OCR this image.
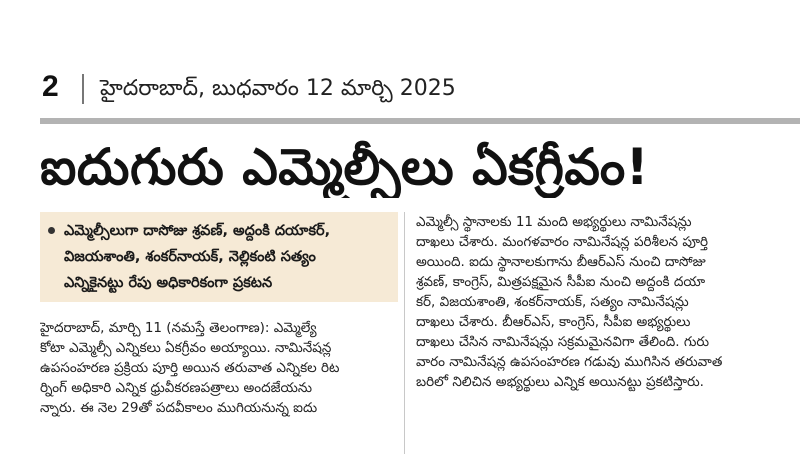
2 హైదరాబాద్‌, బుధవారం 12 మార్చి 2025
ఐదుగురు ఎమ్మెల్సీలు ఏకగ్రీవం!
ఎమ్మెల్సీలుగా దాసోజు శ్రవణ్‌, అద్దంకి దయాకర్‌,
విజయశాంతి, శంకర్‌నాయక్‌, నెల్లికంటి సత్యం
ఎన్నికైనట్టు రేపు అధికారికంగా ప్రకటన
హైదరాబాద్‌, మార్చి 11 (నమస్తే తెలంగాణ): ఎమ్మెల్యే
కోటా ఎమ్మెల్సీ ఎన్నికలు ఏకగ్రీవం అయ్యాయి. నామినేషన్ల
ఉపసంహరణ ప్రక్రియ పూర్తి అయిన తరువాత ఎన్నికల రిట
ర్నింగ్‌ అధికారి ఎన్నిక ధ్రువీకరణపత్రాలు అందజేయను
న్నారు. ఈ నెల 29తో పదవీకాలం ముగియనున్న ఐదు
ఎమ్మెల్సీ స్థానాలకు 11 మంది అభ్యర్థులు నామినేషన్లు
దాఖలు చేశారు. మంగళవారం నామినేషన్ల పరిశీలన పూర్తి
అయింది. ఐదు స్థానాలకుగాను బీఆర్‌ఎస్‌ నుంచి దాసోజు
శ్రవణ్‌, కాంగ్రెస్‌, మిత్రపక్షమైన సీపీఐ నుంచి అద్దంకి దయా
కర్‌, విజయశాంతి, శంకర్‌నాయక్‌, సత్యం నామినేషన్లు
దాఖలు చేశారు. బీఆర్‌ఎస్‌, కాంగ్రెస్‌, సీపీఐ అభ్యర్థులు
దాఖలు చేసిన నామినేషన్లు సక్రమమైనవిగా తేలింది. గురు
వారం నామినేషన్ల ఉపసంహరణ గడువు ముగిసిన తరువాత
బరిలో నిలిచిన అభ్యర్థులు ఎన్నిక అయినట్టు ప్రకటిస్తారు.
